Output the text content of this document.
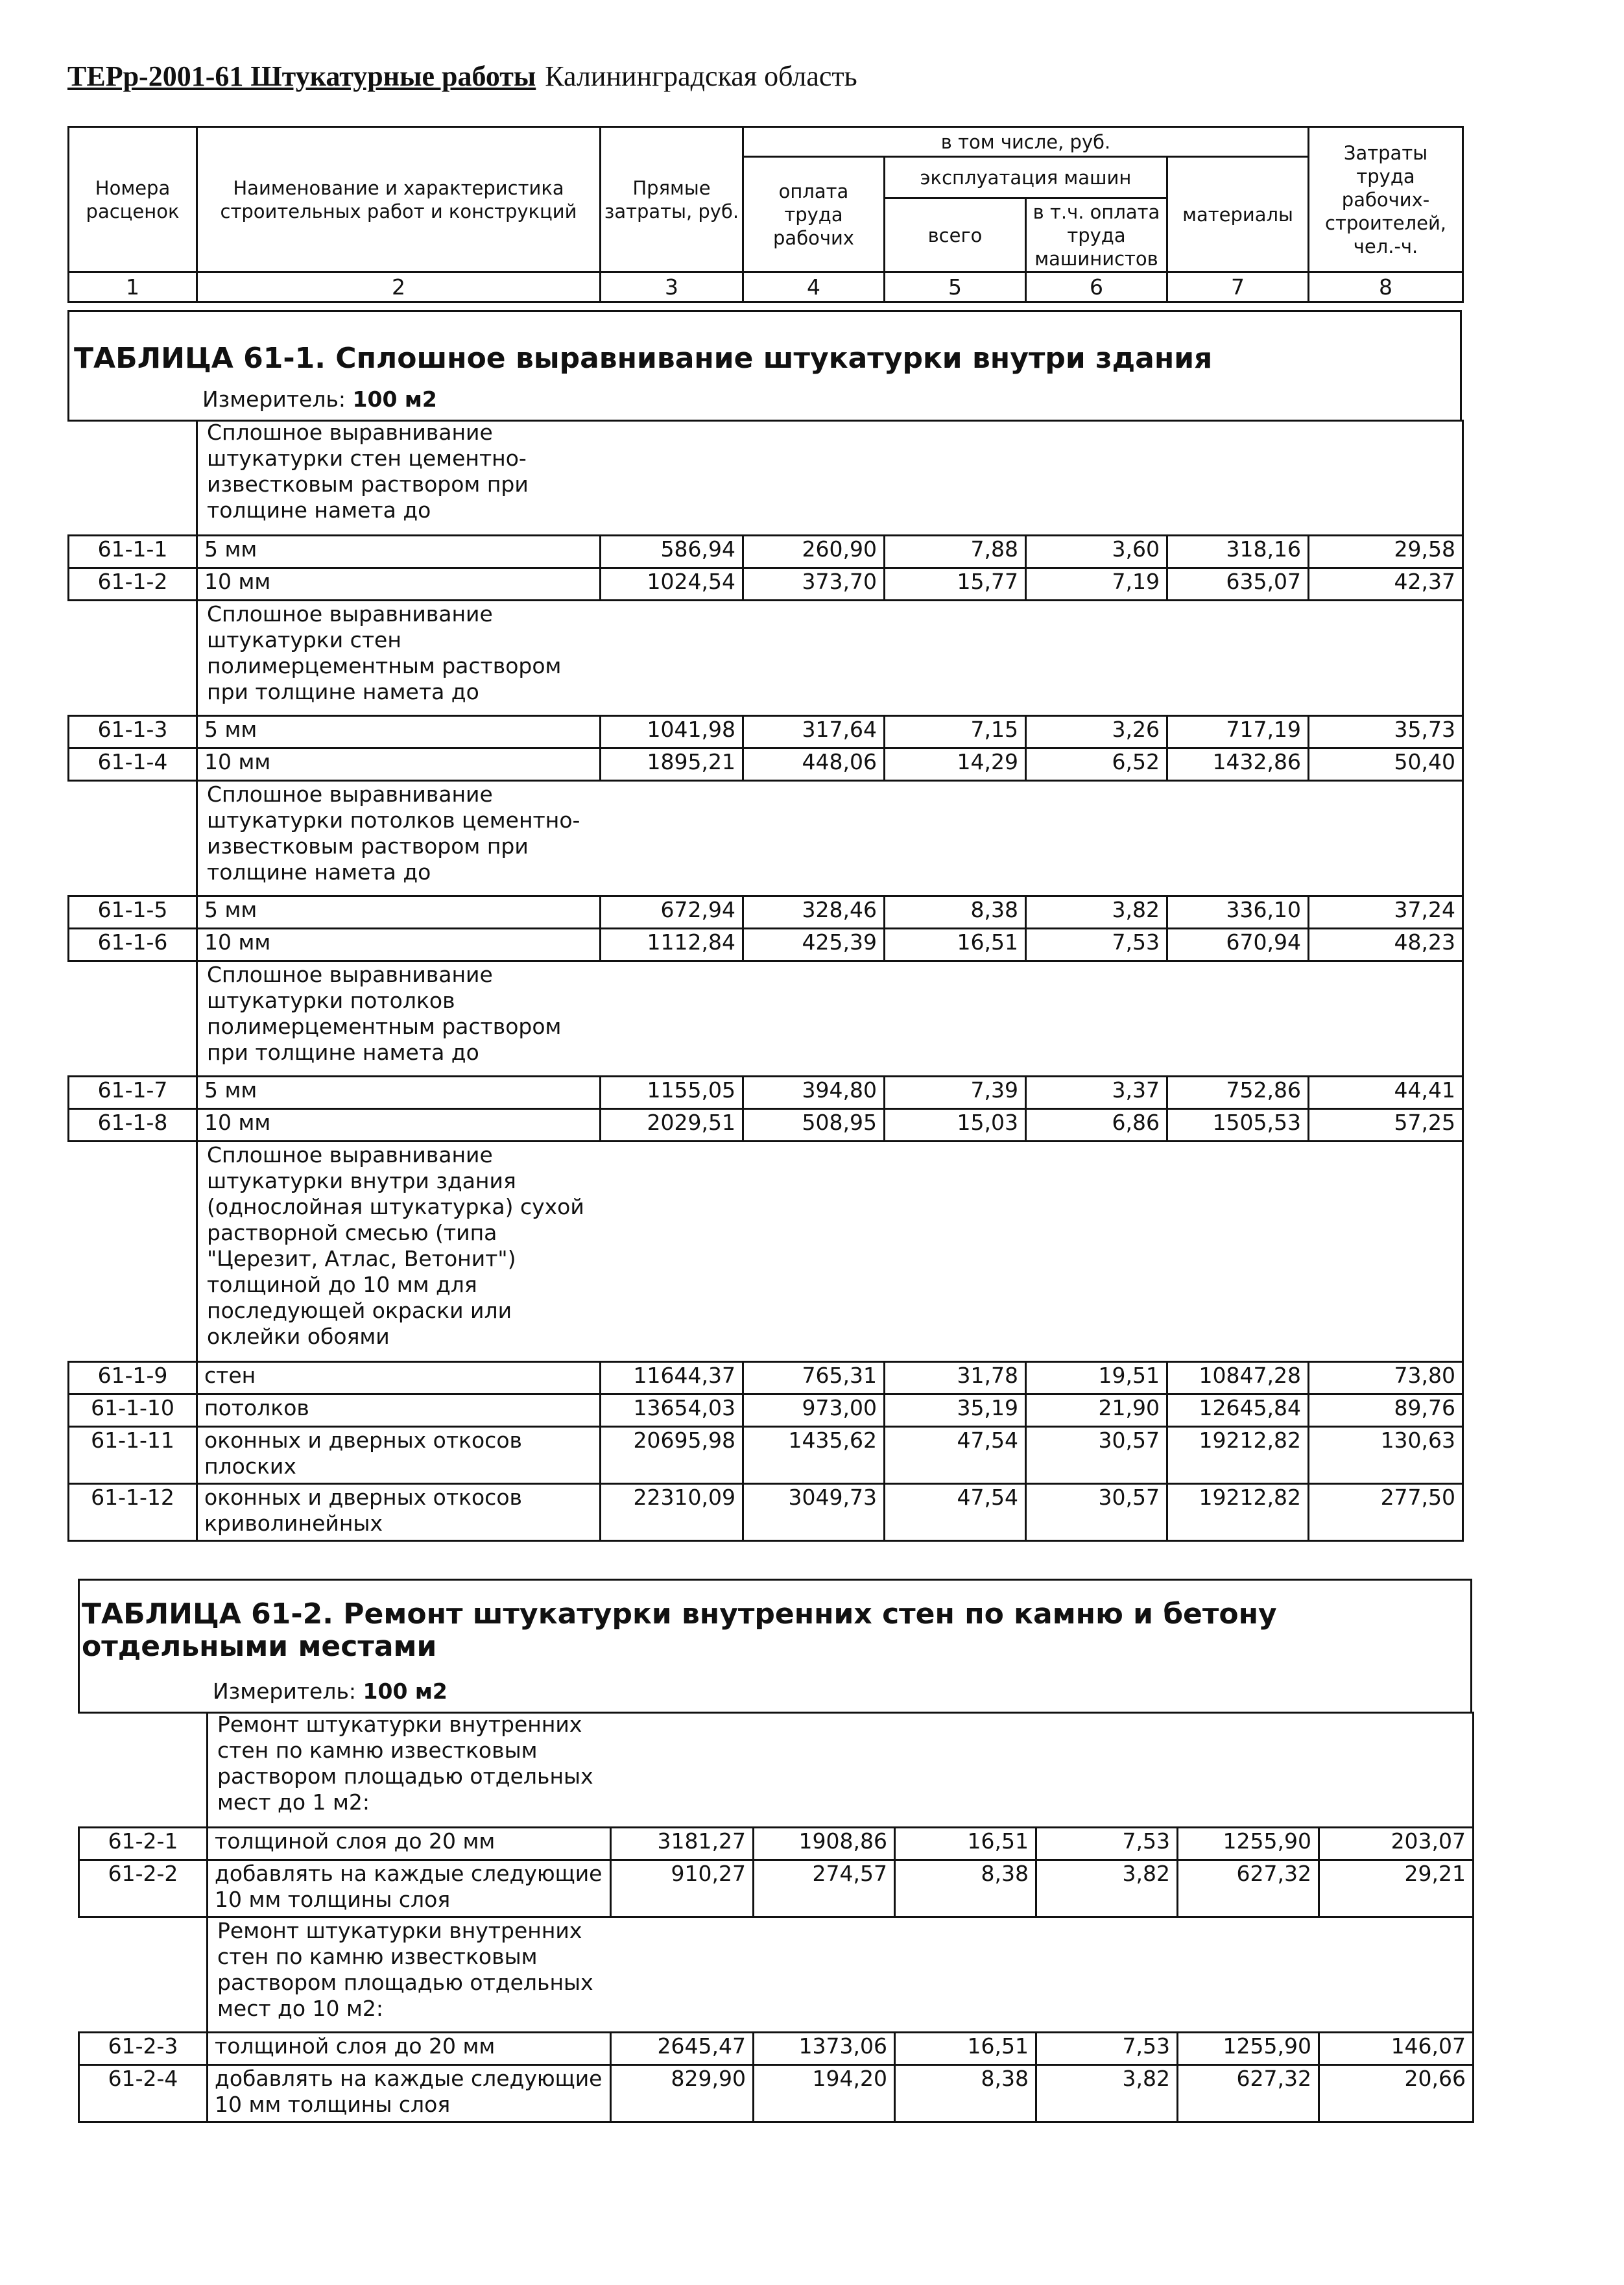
ТЕРр-2001-61 Штукатурные работы Калининградская область
Номера расценок	Наименование и характеристика строительных работ и конструкций	Прямые затраты, руб.	в том числе, руб.				Затраты труда рабочих-строителей, чел.-ч.
			оплата труда рабочих	эксплуатация машин		материалы	
				всего	в т.ч. оплата труда машинистов		
1	2	3	4	5	6	7	8
ТАБЛИЦА 61-1. Сплошное выравнивание штукатурки внутри здания
Измеритель: 100 м2
	Сплошное выравнивание штукатурки стен цементно-известковым раствором при толщине намета до						
61-1-1	5 мм	586,94	260,90	7,88	3,60	318,16	29,58
61-1-2	10 мм	1024,54	373,70	15,77	7,19	635,07	42,37
	Сплошное выравнивание штукатурки стен полимерцементным раствором при толщине намета до						
61-1-3	5 мм	1041,98	317,64	7,15	3,26	717,19	35,73
61-1-4	10 мм	1895,21	448,06	14,29	6,52	1432,86	50,40
	Сплошное выравнивание штукатурки потолков цементно-известковым раствором при толщине намета до						
61-1-5	5 мм	672,94	328,46	8,38	3,82	336,10	37,24
61-1-6	10 мм	1112,84	425,39	16,51	7,53	670,94	48,23
	Сплошное выравнивание штукатурки потолков полимерцементным раствором при толщине намета до						
61-1-7	5 мм	1155,05	394,80	7,39	3,37	752,86	44,41
61-1-8	10 мм	2029,51	508,95	15,03	6,86	1505,53	57,25
	Сплошное выравнивание штукатурки внутри здания (однослойная штукатурка) сухой растворной смесью (типа "Церезит, Атлас, Ветонит") толщиной до 10 мм для последующей окраски или оклейки обоями						
61-1-9	стен	11644,37	765,31	31,78	19,51	10847,28	73,80
61-1-10	потолков	13654,03	973,00	35,19	21,90	12645,84	89,76
61-1-11	оконных и дверных откосов плоских	20695,98	1435,62	47,54	30,57	19212,82	130,63
61-1-12	оконных и дверных откосов криволинейных	22310,09	3049,73	47,54	30,57	19212,82	277,50
ТАБЛИЦА 61-2. Ремонт штукатурки внутренних стен по камню и бетону отдельными местами
Измеритель: 100 м2
	Ремонт штукатурки внутренних стен по камню известковым раствором площадью отдельных мест до 1 м2:						
61-2-1	толщиной слоя до 20 мм	3181,27	1908,86	16,51	7,53	1255,90	203,07
61-2-2	добавлять на каждые следующие 10 мм толщины слоя	910,27	274,57	8,38	3,82	627,32	29,21
	Ремонт штукатурки внутренних стен по камню известковым раствором площадью отдельных мест до 10 м2:						
61-2-3	толщиной слоя до 20 мм	2645,47	1373,06	16,51	7,53	1255,90	146,07
61-2-4	добавлять на каждые следующие 10 мм толщины слоя	829,90	194,20	8,38	3,82	627,32	20,66
